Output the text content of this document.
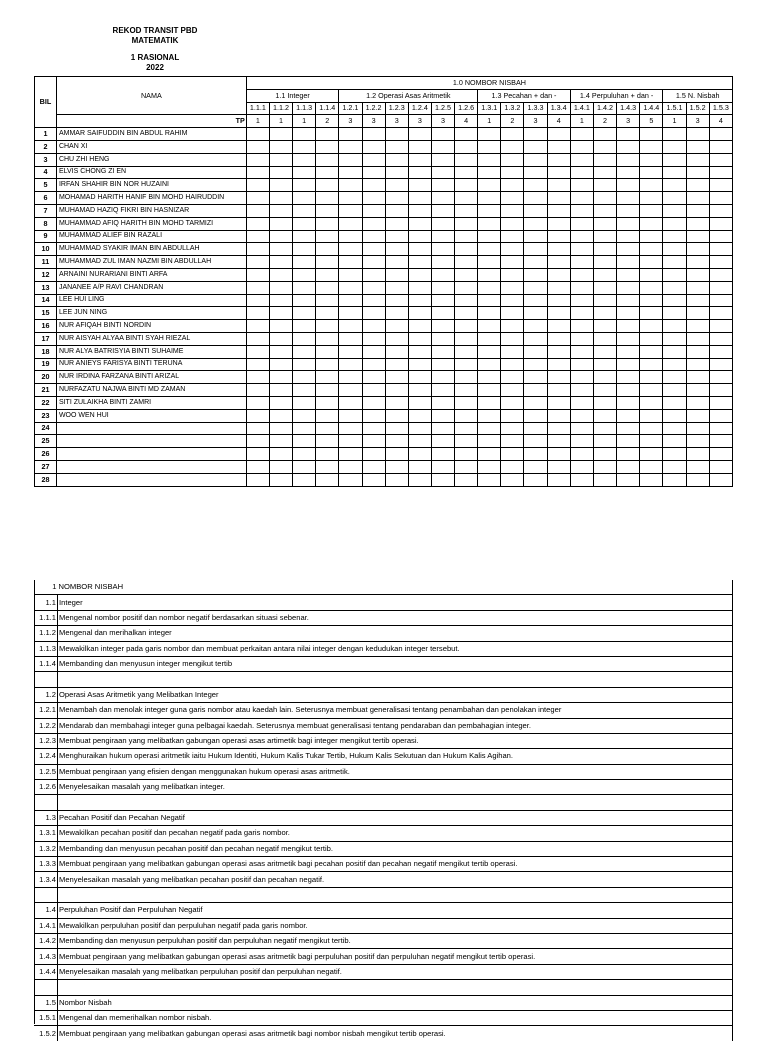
REKOD TRANSIT PBD
MATEMATIK
1 RASIONAL
2022
BIL	NAMA	1.0 NOMBOR NISBAH																				
		1.1 Integer				1.2 Operasi Asas Aritmetik						1.3 Pecahan + dan -				1.4 Perpuluhan + dan -				1.5 N. Nisbah		
		1.1.1	1.1.2	1.1.3	1.1.4	1.2.1	1.2.2	1.2.3	1.2.4	1.2.5	1.2.6	1.3.1	1.3.2	1.3.3	1.3.4	1.4.1	1.4.2	1.4.3	1.4.4	1.5.1	1.5.2	1.5.3
	TP	1	1	1	2	3	3	3	3	3	4	1	2	3	4	1	2	3	5	1	3	4
1	AMMAR SAIFUDDIN BIN ABDUL RAHIM																					
2	CHAN XI																					
3	CHU ZHI HENG																					
4	ELVIS CHONG ZI EN																					
5	IRFAN SHAHIR BIN NOR HUZAINI																					
6	MOHAMAD HARITH HANIF BIN MOHD HAIRUDDIN																					
7	MUHAMAD HAZIQ FIKRI BIN HASNIZAR																					
8	MUHAMMAD AFIQ HARITH BIN MOHD TARMIZI																					
9	MUHAMMAD ALIEF BIN RAZALI																					
10	MUHAMMAD SYAKIR IMAN BIN ABDULLAH																					
11	MUHAMMAD ZUL IMAN NAZMI BIN ABDULLAH																					
12	ARNAINI NURARIANI BINTI ARFA																					
13	JANANEE A/P RAVI CHANDRAN																					
14	LEE HUI LING																					
15	LEE JUN NING																					
16	NUR AFIQAH BINTI NORDIN																					
17	NUR AISYAH ALYAA BINTI SYAH RIEZAL																					
18	NUR ALYA BATRISYIA BINTI SUHAIME																					
19	NUR ANIEYS FARISYA BINTI TERUNA																					
20	NUR IRDINA FARZANA BINTI ARIZAL																					
21	NURFAZATU NAJWA BINTI MD ZAMAN																					
22	SITI ZULAIKHA BINTI ZAMRI																					
23	WOO WEN HUI																					
24																						
25																						
26																						
27																						
28																						
1	NOMBOR NISBAH
1.1	Integer
1.1.1	Mengenal nombor positif dan nombor negatif berdasarkan situasi sebenar.
1.1.2	Mengenal dan merihalkan integer
1.1.3	Mewakilkan integer pada garis nombor dan membuat perkaitan antara nilai integer dengan kedudukan integer tersebut.
1.1.4	Membanding dan menyusun integer mengikut tertib

1.2	Operasi Asas Aritmetik yang Melibatkan Integer
1.2.1	Menambah dan menolak integer guna garis nombor atau kaedah lain. Seterusnya membuat generalisasi tentang penambahan dan penolakan integer
1.2.2	Mendarab dan membahagi integer guna pelbagai kaedah. Seterusnya membuat generalisasi tentang pendaraban dan pembahagian integer.
1.2.3	Membuat pengiraan yang melibatkan gabungan operasi asas artimetik bagi integer mengikut tertib operasi.
1.2.4	Menghuraikan hukum operasi aritmetik iaitu Hukum Identiti, Hukum Kalis Tukar Tertib, Hukum Kalis Sekutuan dan Hukum Kalis Agihan.
1.2.5	Membuat pengiraan yang efisien dengan menggunakan hukum operasi asas aritmetik.
1.2.6	Menyelesaikan masalah yang melibatkan integer.

1.3	Pecahan Positif dan Pecahan Negatif
1.3.1	Mewakilkan pecahan positif dan pecahan negatif pada garis nombor.
1.3.2	Membanding dan menyusun pecahan positif dan pecahan negatif mengikut tertib.
1.3.3	Membuat pengiraan yang melibatkan gabungan operasi asas aritmetik bagi pecahan positif dan pecahan negatif mengikut tertib operasi.
1.3.4	Menyelesaikan masalah yang melibatkan pecahan positif dan pecahan negatif.

1.4	Perpuluhan Positif dan Perpuluhan Negatif
1.4.1	Mewakilkan perpuluhan positif dan perpuluhan negatif pada garis nombor.
1.4.2	Membanding dan menyusun perpuluhan positif dan perpuluhan negatif mengikut tertib.
1.4.3	Membuat pengiraan yang melibatkan gabungan operasi asas aritmetik bagi perpuluhan positif dan perpuluhan negatif mengikut tertib operasi.
1.4.4	Menyelesaikan masalah yang melibatkan perpuluhan positif dan perpuluhan negatif.

1.5	Nombor Nisbah
1.5.1	Mengenal dan memerihalkan nombor nisbah.
1.5.2	Membuat pengiraan yang melibatkan gabungan operasi asas aritmetik bagi nombor nisbah mengikut tertib operasi.
